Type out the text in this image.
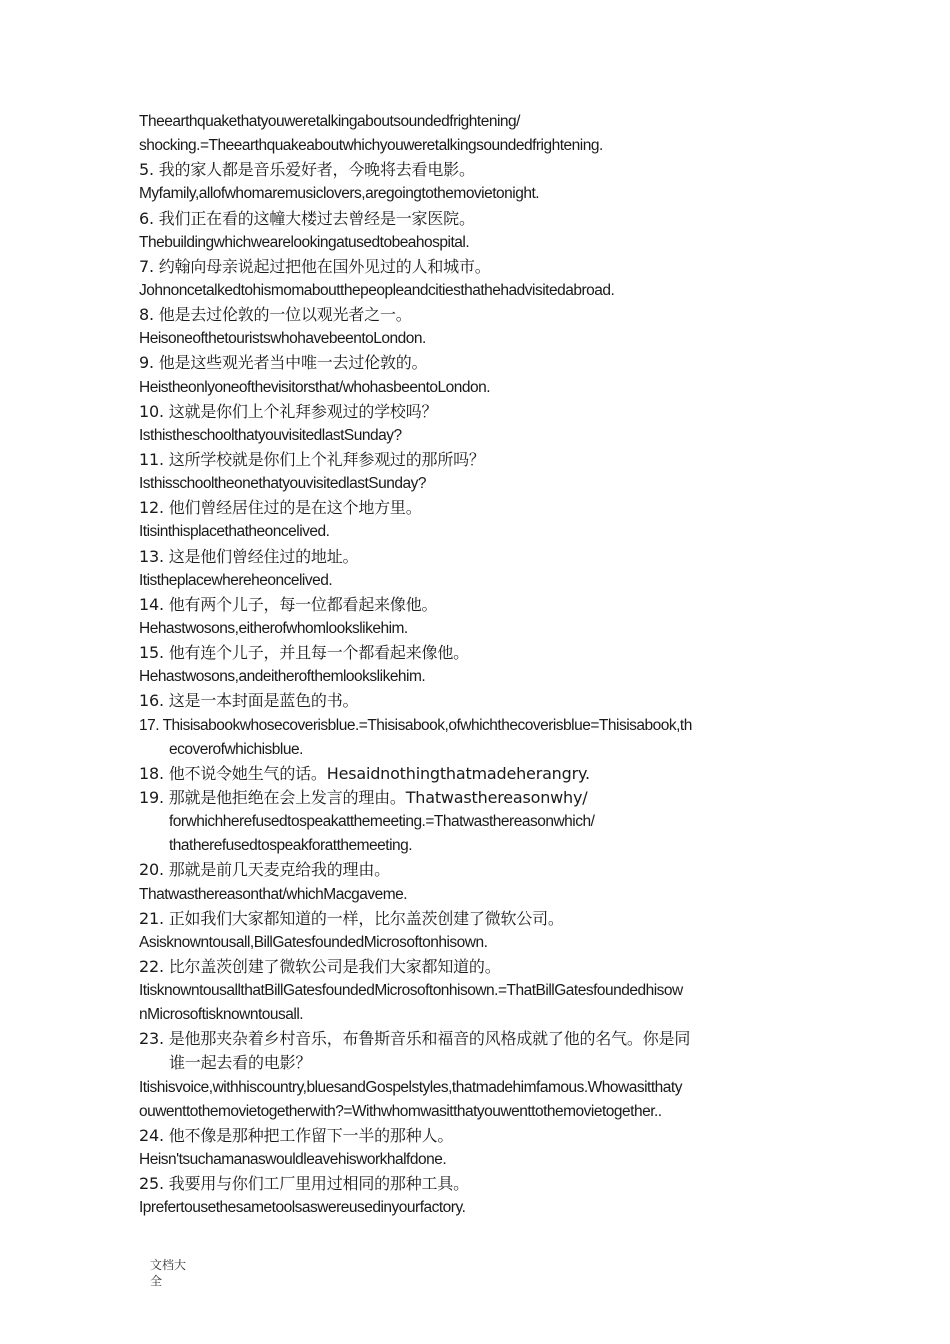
Theearthquakethatyouweretalkingaboutsoundedfrightening/
shocking.=Theearthquakeaboutwhichyouweretalkingsoundedfrightening.
5. 我的家人都是音乐爱好者，今晚将去看电影。
Myfamily,allofwhomaremusiclovers,aregoingtothemovietonight.
6. 我们正在看的这幢大楼过去曾经是一家医院。
Thebuildingwhichwearelookingatusedtobeahospital.
7. 约翰向母亲说起过把他在国外见过的人和城市。
Johnoncetalkedtohismomaboutthepeopleandcitiesthathehadvisitedabroad.
8. 他是去过伦敦的一位以观光者之一。
HeisoneofthetouristswhohavebeentoLondon.
9. 他是这些观光者当中唯一去过伦敦的。
Heistheonlyoneofthevisitorsthat/whohasbeentoLondon.
10. 这就是你们上个礼拜参观过的学校吗？
IsthistheschoolthatyouvisitedlastSunday?
11. 这所学校就是你们上个礼拜参观过的那所吗？
IsthisschooltheonethatyouvisitedlastSunday?
12. 他们曾经居住过的是在这个地方里。
Itisinthisplacethatheoncelived.
13. 这是他们曾经住过的地址。
Itistheplacewhereheoncelived.
14. 他有两个儿子，每一位都看起来像他。
Hehastwosons,eitherofwhomlookslikehim.
15. 他有连个儿子，并且每一个都看起来像他。
Hehastwosons,andeitherofthemlookslikehim.
16. 这是一本封面是蓝色的书。
17. Thisisabookwhosecoverisblue.=Thisisabook,ofwhichthecoverisblue=Thisisabook,th
ecoverofwhichisblue.
18. 他不说令她生气的话。Hesaidnothingthatmadeherangry.
19. 那就是他拒绝在会上发言的理由。Thatwasthereasonwhy/
forwhichherefusedtospeakatthemeeting.=Thatwasthereasonwhich/
thatherefusedtospeakforatthemeeting.
20. 那就是前几天麦克给我的理由。
Thatwasthereasonthat/whichMacgaveme.
21. 正如我们大家都知道的一样，比尔盖茨创建了微软公司。
Asisknowntousall,BillGatesfoundedMicrosoftonhisown.
22. 比尔盖茨创建了微软公司是我们大家都知道的。
ItisknowntousallthatBillGatesfoundedMicrosoftonhisown.=ThatBillGatesfoundedhisow
nMicrosoftisknowntousall.
23. 是他那夹杂着乡村音乐，布鲁斯音乐和福音的风格成就了他的名气。你是同
谁一起去看的电影？
Itishisvoice,withhiscountry,bluesandGospelstyles,thatmadehimfamous.Whowasitthaty
ouwenttothemovietogetherwith?=Withwhomwasitthatyouwenttothemovietogether..
24. 他不像是那种把工作留下一半的那种人。
Heisn'tsuchamanaswouldleavehisworkhalfdone.
25. 我要用与你们工厂里用过相同的那种工具。
Iprefertousethesametoolsaswereusedinyourfactory.
文档大
全
